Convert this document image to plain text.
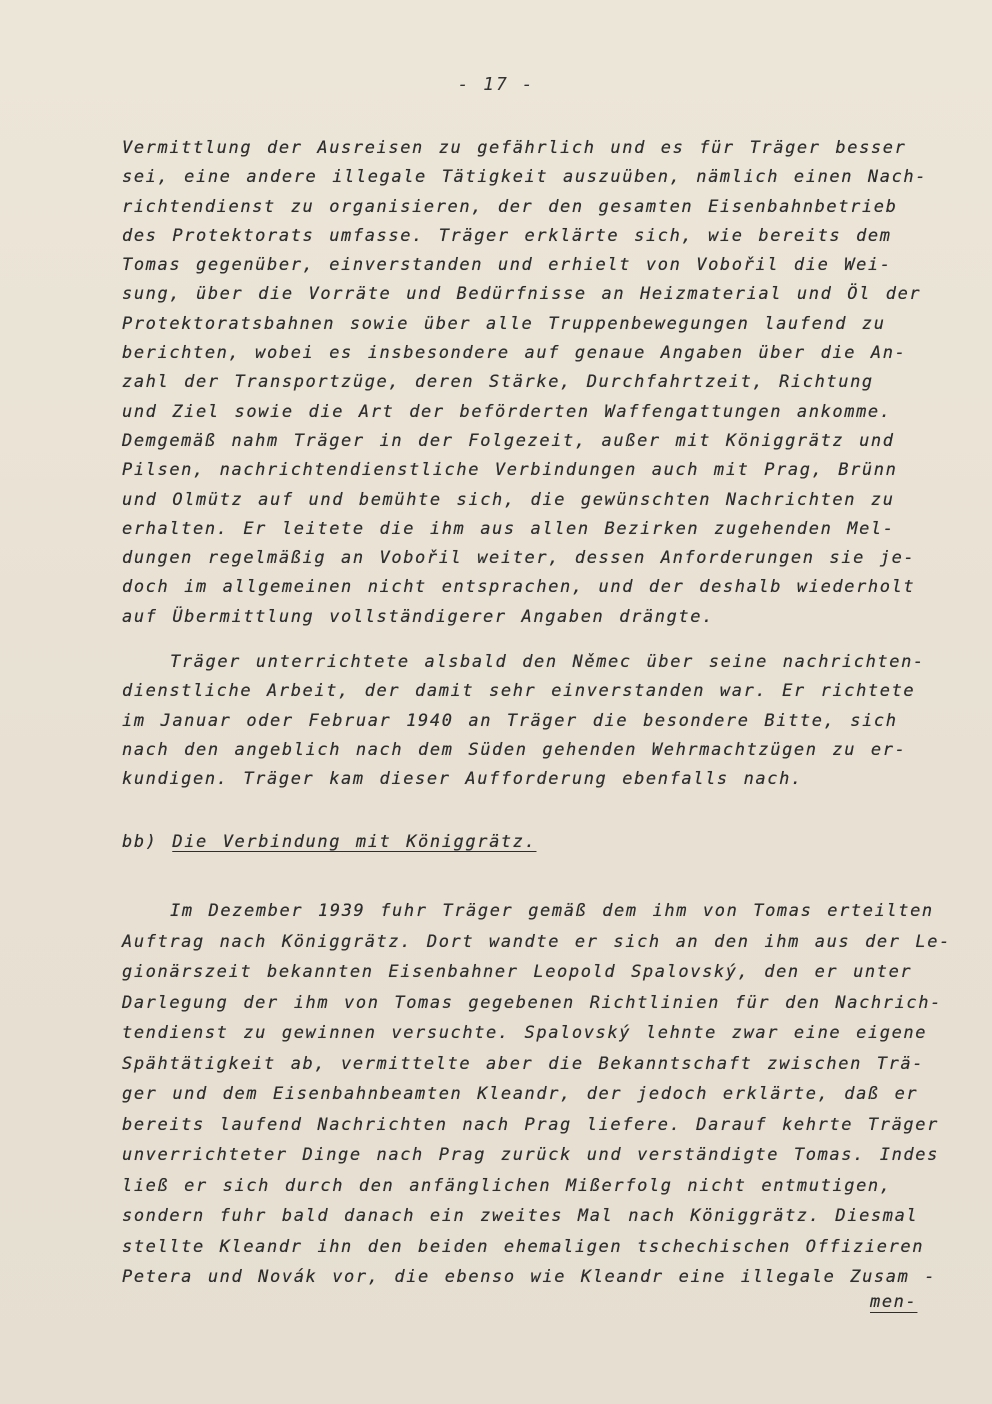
- 17 -
Vermittlung der Ausreisen zu gefährlich und es für Träger besser
sei, eine andere illegale Tätigkeit auszuüben, nämlich einen Nach-
richtendienst zu organisieren, der den gesamten Eisenbahnbetrieb
des Protektorats umfasse. Träger erklärte sich, wie bereits dem
Tomas gegenüber, einverstanden und erhielt von Vobořil die Wei-
sung, über die Vorräte und Bedürfnisse an Heizmaterial und Öl der
Protektoratsbahnen sowie über alle Truppenbewegungen laufend zu
berichten, wobei es insbesondere auf genaue Angaben über die An-
zahl der Transportzüge, deren Stärke, Durchfahrtzeit, Richtung
und Ziel sowie die Art der beförderten Waffengattungen ankomme.
Demgemäß nahm Träger in der Folgezeit, außer mit Königgrätz und
Pilsen, nachrichtendienstliche Verbindungen auch mit Prag, Brünn
und Olmütz auf und bemühte sich, die gewünschten Nachrichten zu
erhalten. Er leitete die ihm aus allen Bezirken zugehenden Mel-
dungen regelmäßig an Vobořil weiter, dessen Anforderungen sie je-
doch im allgemeinen nicht entsprachen, und der deshalb wiederholt
auf Übermittlung vollständigerer Angaben drängte.
Träger unterrichtete alsbald den Němec über seine nachrichten-
dienstliche Arbeit, der damit sehr einverstanden war. Er richtete
im Januar oder Februar 1940 an Träger die besondere Bitte, sich
nach den angeblich nach dem Süden gehenden Wehrmachtzügen zu er-
kundigen. Träger kam dieser Aufforderung ebenfalls nach.
bb) Die Verbindung mit Königgrätz.
Im Dezember 1939 fuhr Träger gemäß dem ihm von Tomas erteilten
Auftrag nach Königgrätz. Dort wandte er sich an den ihm aus der Le-
gionärszeit bekannten Eisenbahner Leopold Spalovský, den er unter
Darlegung der ihm von Tomas gegebenen Richtlinien für den Nachrich-
tendienst zu gewinnen versuchte. Spalovský lehnte zwar eine eigene
Spähtätigkeit ab, vermittelte aber die Bekanntschaft zwischen Trä-
ger und dem Eisenbahnbeamten Kleandr, der jedoch erklärte, daß er
bereits laufend Nachrichten nach Prag liefere. Darauf kehrte Träger
unverrichteter Dinge nach Prag zurück und verständigte Tomas. Indes
ließ er sich durch den anfänglichen Mißerfolg nicht entmutigen,
sondern fuhr bald danach ein zweites Mal nach Königgrätz. Diesmal
stellte Kleandr ihn den beiden ehemaligen tschechischen Offizieren
Petera und Novák vor, die ebenso wie Kleandr eine illegale Zusam -
men-
